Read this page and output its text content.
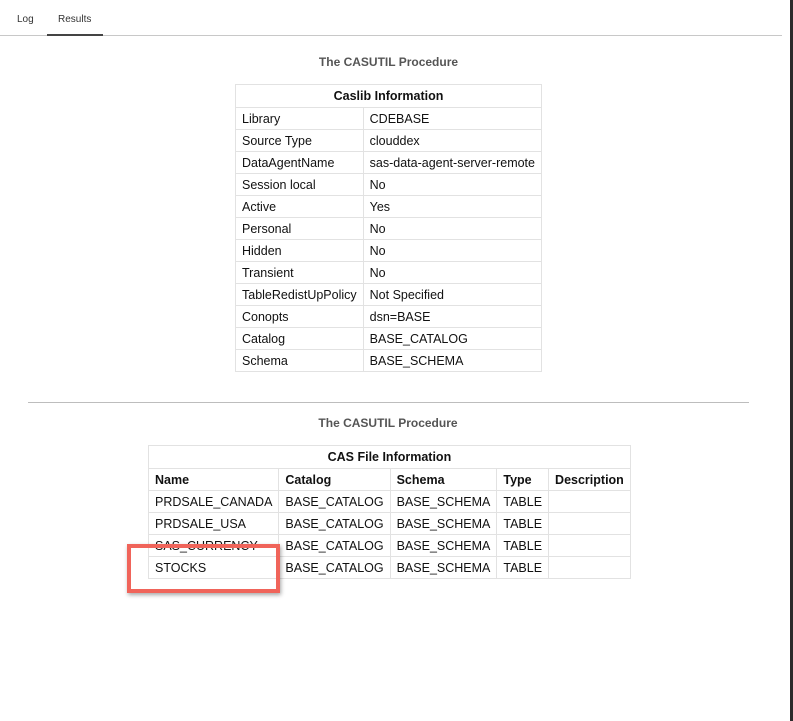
Log Results
The CASUTIL Procedure
Caslib Information
Library	CDEBASE
Source Type	clouddex
DataAgentName	sas-data-agent-server-remote
Session local	No
Active	Yes
Personal	No
Hidden	No
Transient	No
TableRedistUpPolicy	Not Specified
Conopts	dsn=BASE
Catalog	BASE_CATALOG
Schema	BASE_SCHEMA
The CASUTIL Procedure
CAS File Information
Name	Catalog	Schema	Type	Description
PRDSALE_CANADA	BASE_CATALOG	BASE_SCHEMA	TABLE	
PRDSALE_USA	BASE_CATALOG	BASE_SCHEMA	TABLE	
SAS_CURRENCY	BASE_CATALOG	BASE_SCHEMA	TABLE	
STOCKS	BASE_CATALOG	BASE_SCHEMA	TABLE	
